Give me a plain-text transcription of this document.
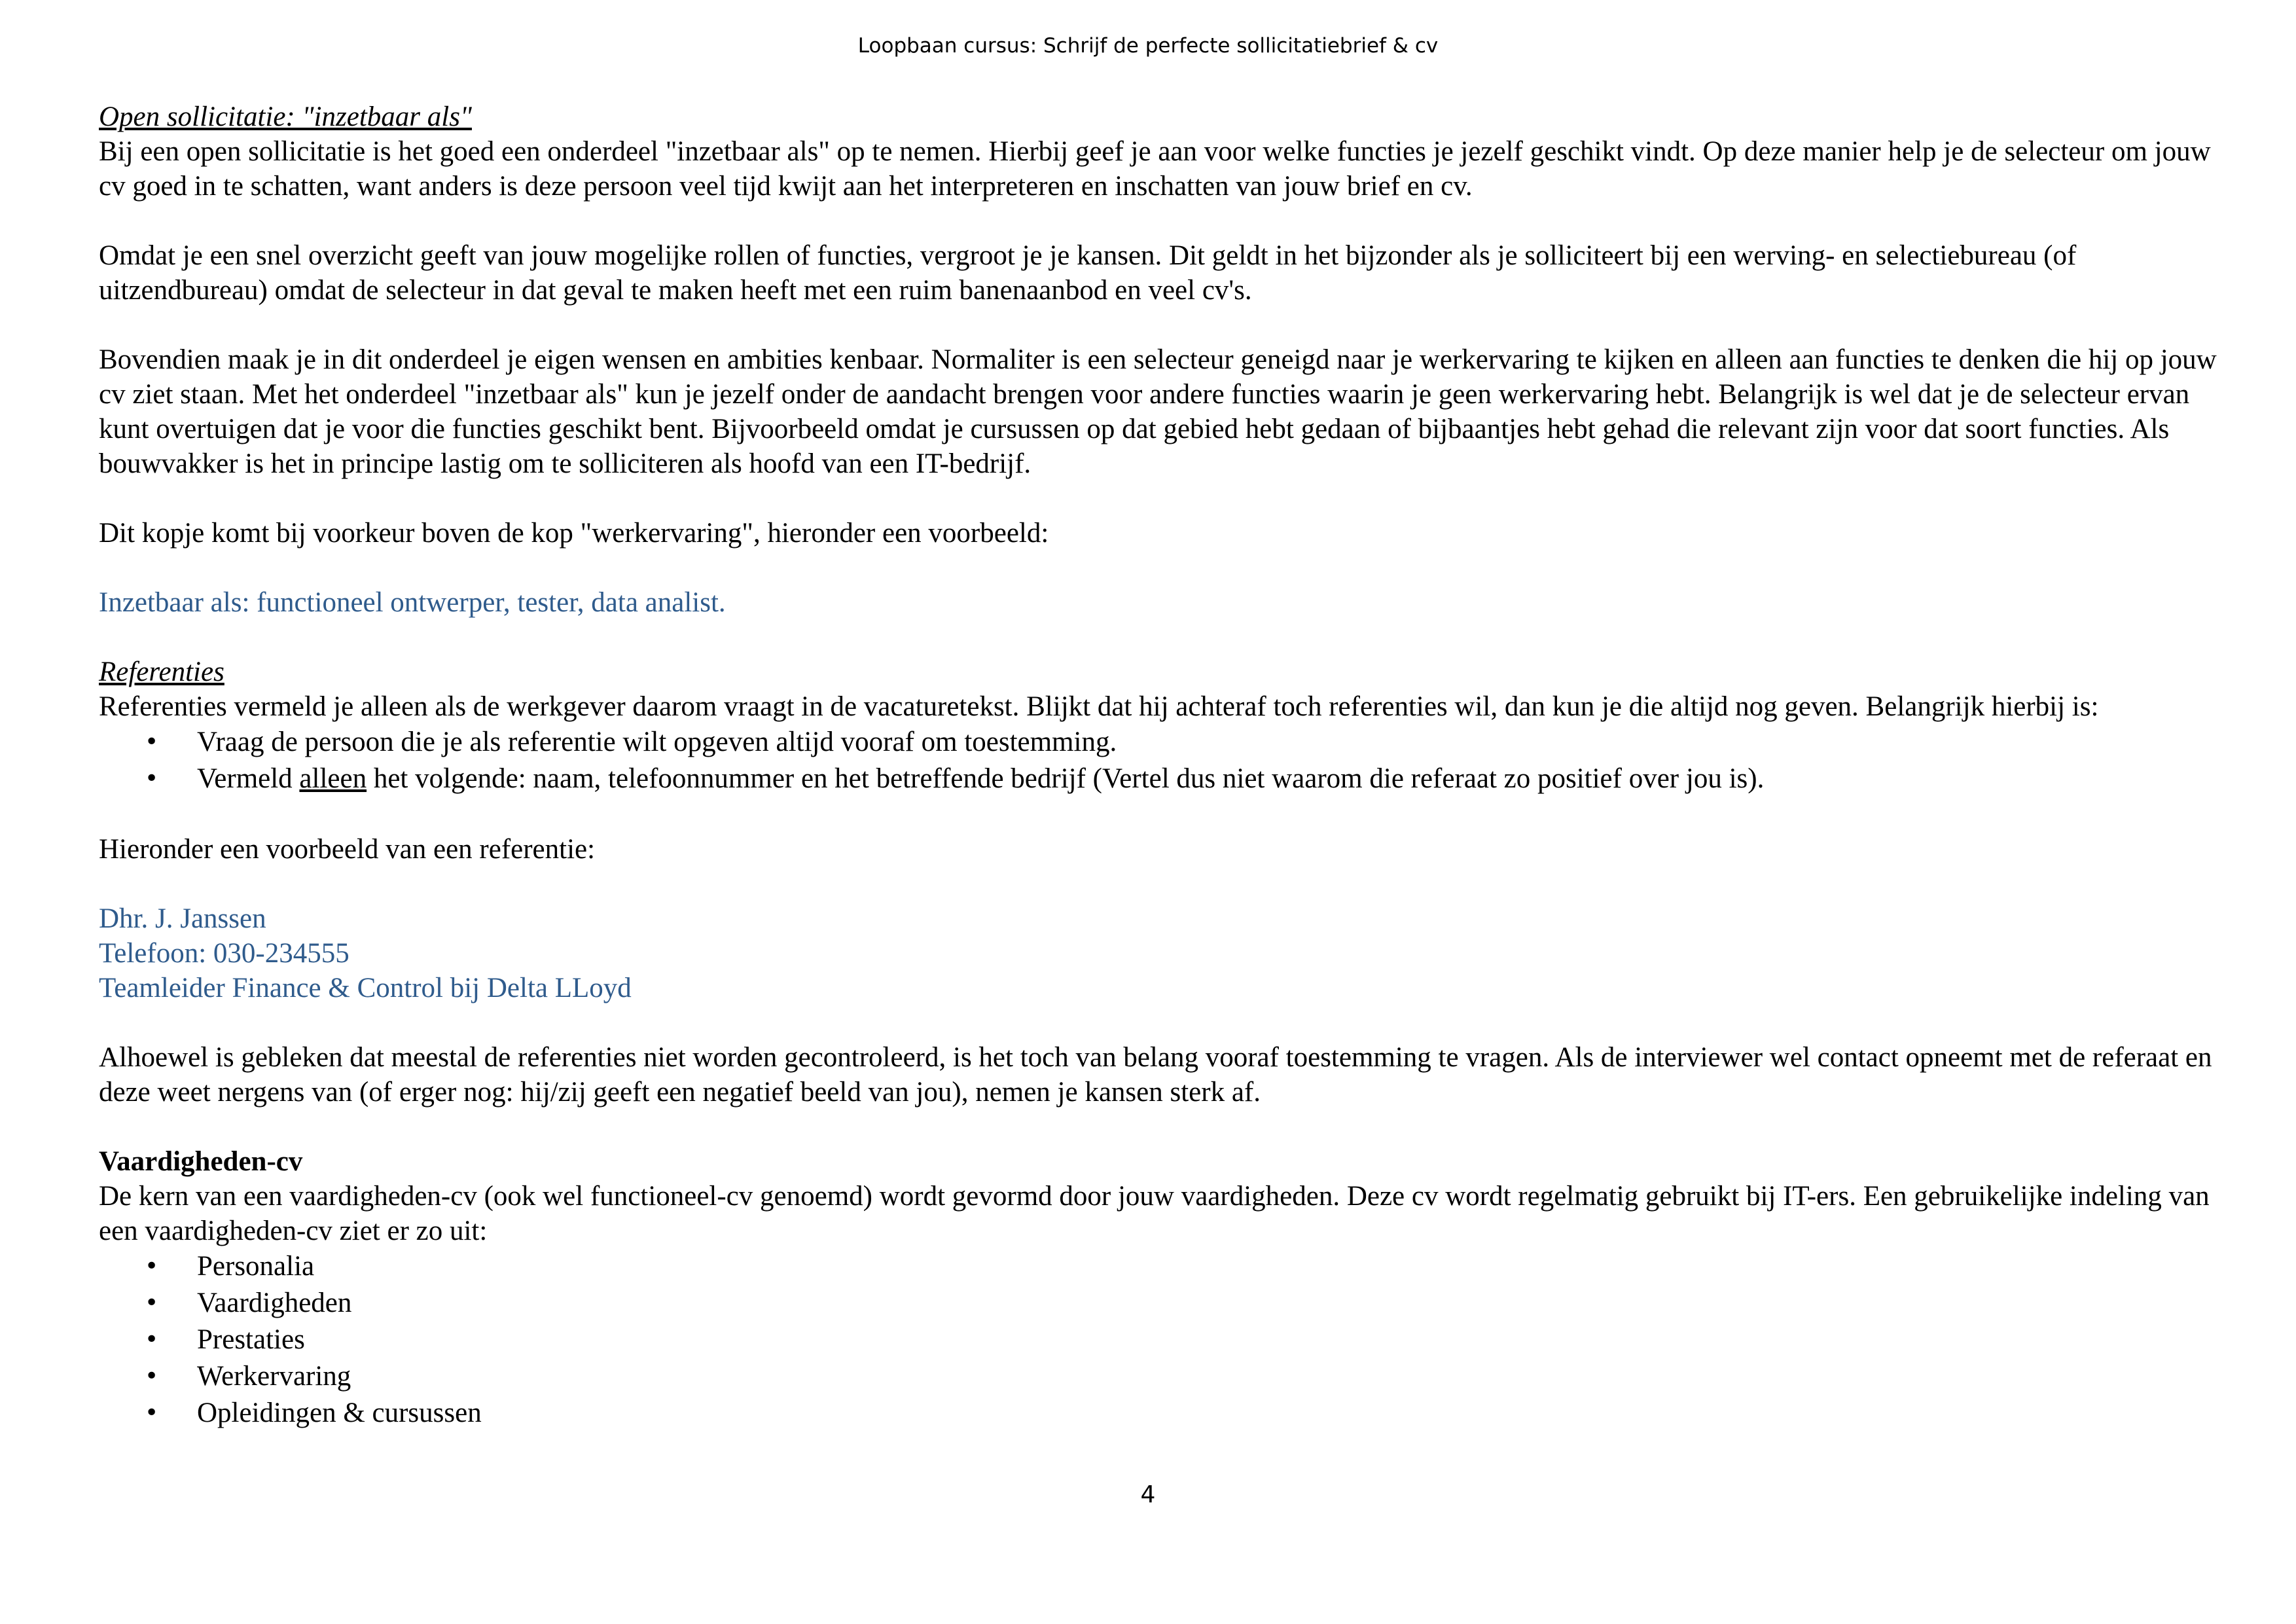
Loopbaan cursus: Schrijf de perfecte sollicitatiebrief & cv

Open sollicitatie: "inzetbaar als"

Bij een open sollicitatie is het goed een onderdeel "inzetbaar als" op te nemen. Hierbij geef je aan voor welke functies je jezelf geschikt vindt. Op deze manier help je de selecteur om jouw cv goed in te schatten, want anders is deze persoon veel tijd kwijt aan het interpreteren en inschatten van jouw brief en cv.

Omdat je een snel overzicht geeft van jouw mogelijke rollen of functies, vergroot je je kansen. Dit geldt in het bijzonder als je solliciteert bij een werving- en selectiebureau (of uitzendbureau) omdat de selecteur in dat geval te maken heeft met een ruim banenaanbod en veel cv's.

Bovendien maak je in dit onderdeel je eigen wensen en ambities kenbaar. Normaliter is een selecteur geneigd naar je werkervaring te kijken en alleen aan functies te denken die hij op jouw cv ziet staan. Met het onderdeel "inzetbaar als" kun je jezelf onder de aandacht brengen voor andere functies waarin je geen werkervaring hebt. Belangrijk is wel dat je de selecteur ervan kunt overtuigen dat je voor die functies geschikt bent. Bijvoorbeeld omdat je cursussen op dat gebied hebt gedaan of bijbaantjes hebt gehad die relevant zijn voor dat soort functies. Als bouwvakker is het in principe lastig om te solliciteren als hoofd van een IT-bedrijf.

Dit kopje komt bij voorkeur boven de kop "werkervaring", hieronder een voorbeeld:

Inzetbaar als: functioneel ontwerper, tester, data analist.

Referenties

Referenties vermeld je alleen als de werkgever daarom vraagt in de vacaturetekst. Blijkt dat hij achteraf toch referenties wil, dan kun je die altijd nog geven. Belangrijk hierbij is:

• Vraag de persoon die je als referentie wilt opgeven altijd vooraf om toestemming.
• Vermeld alleen het volgende: naam, telefoonnummer en het betreffende bedrijf (Vertel dus niet waarom die referaat zo positief over jou is).

Hieronder een voorbeeld van een referentie:

Dhr. J. Janssen

Telefoon: 030-234555

Teamleider Finance & Control bij Delta LLoyd

Alhoewel is gebleken dat meestal de referenties niet worden gecontroleerd, is het toch van belang vooraf toestemming te vragen. Als de interviewer wel contact opneemt met de referaat en deze weet nergens van (of erger nog: hij/zij geeft een negatief beeld van jou), nemen je kansen sterk af.

Vaardigheden-cv

De kern van een vaardigheden-cv (ook wel functioneel-cv genoemd) wordt gevormd door jouw vaardigheden. Deze cv wordt regelmatig gebruikt bij IT-ers. Een gebruikelijke indeling van een vaardigheden-cv ziet er zo uit:

• Personalia
• Vaardigheden
• Prestaties
• Werkervaring
• Opleidingen & cursussen
4
